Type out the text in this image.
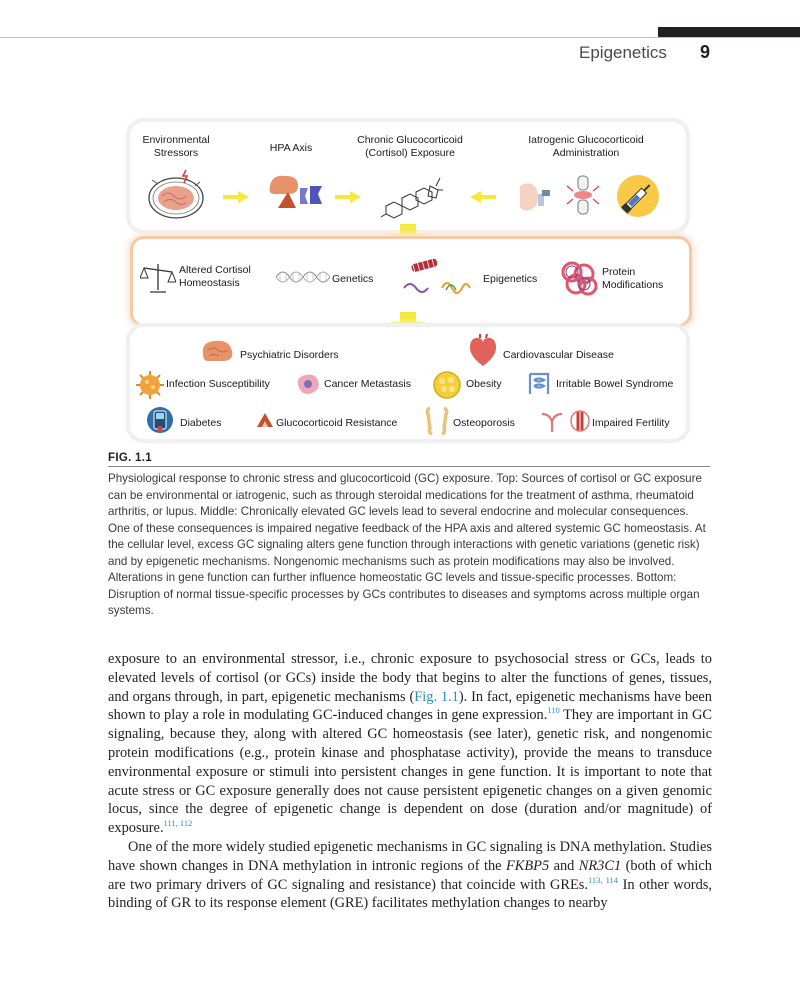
Epigenetics 9
Environmental
Stressors	HPA Axis
Chronic Glucocorticoid
(Cortisol) Exposure
Iatrogenic Glucocorticoid
Administration
Altered Cortisol
Homeostasis	Genetics	Epigenetics
Protein
Modifications
Psychiatric Disorders	Cardiovascular Disease
Infection Susceptibility	Cancer Metastasis	Obesity	Irritable Bowel Syndrome
Diabetes	Glucocorticoid Resistance	Osteoporosis	Impaired Fertility
FIG. 1.1
Physiological response to chronic stress and glucocorticoid (GC) exposure. Top: Sources of cortisol or GC exposure can be environmental or iatrogenic, such as through steroidal medications for the treatment of asthma, rheumatoid arthritis, or lupus. Middle: Chronically elevated GC levels lead to several endocrine and molecular consequences. One of these consequences is impaired negative feedback of the HPA axis and altered systemic GC homeostasis. At the cellular level, excess GC signaling alters gene function through interactions with genetic variations (genetic risk) and by epigenetic mechanisms. Nongenomic mechanisms such as protein modifications may also be involved. Alterations in gene function can further influence homeostatic GC levels and tissue-specific processes. Bottom: Disruption of normal tissue-specific processes by GCs contributes to diseases and symptoms across multiple organ systems.

exposure to an environmental stressor, i.e., chronic exposure to psychosocial stress or GCs, leads to elevated levels of cortisol (or GCs) inside the body that begins to alter the functions of genes, tissues, and organs through, in part, epigenetic mechanisms (Fig. 1.1). In fact, epigenetic mechanisms have been shown to play a role in modulating GC-induced changes in gene expression.$^{110}$ They are important in GC signaling, because they, along with altered GC homeostasis (see later), genetic risk, and nongenomic protein modifications (e.g., protein kinase and phosphatase activity), provide the means to transduce environmental exposure or stimuli into persistent changes in gene function. It is important to note that acute stress or GC exposure generally does not cause persistent epigenetic changes on a given genomic locus, since the degree of epigenetic change is dependent on dose (duration and/or magnitude) of exposure.$^{111, 112}$

One of the more widely studied epigenetic mechanisms in GC signaling is DNA methylation. Studies have shown changes in DNA methylation in intronic regions of the FKBP5 and NR3C1 (both of which are two primary drivers of GC signaling and resistance) that coincide with GREs.$^{113, 114}$ In other words, binding of GR to its response element (GRE) facilitates methylation changes to nearby
